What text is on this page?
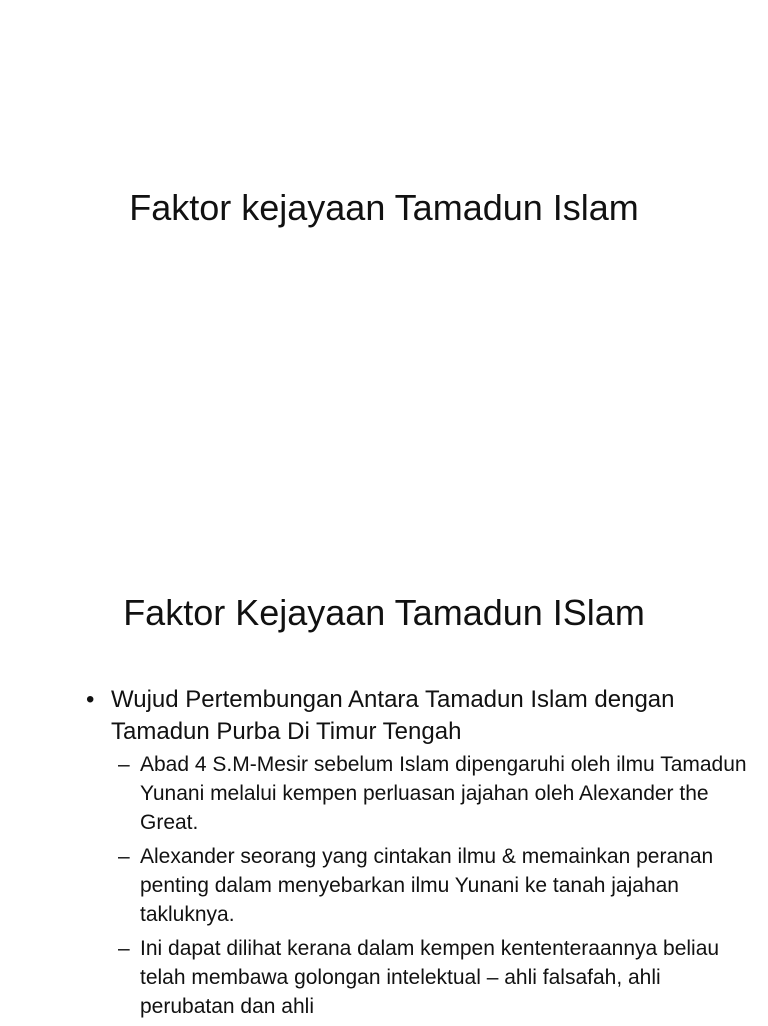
Faktor kejayaan Tamadun Islam
Faktor Kejayaan Tamadun ISlam
• Wujud Pertembungan Antara Tamadun Islam dengan Tamadun Purba Di Timur Tengah
– Abad 4 S.M-Mesir sebelum Islam dipengaruhi oleh ilmu Tamadun Yunani melalui kempen perluasan jajahan oleh Alexander the Great.
– Alexander seorang yang cintakan ilmu & memainkan peranan penting dalam menyebarkan ilmu Yunani ke tanah jajahan takluknya.
– Ini dapat dilihat kerana dalam kempen kententeraannya beliau telah membawa golongan intelektual – ahli falsafah, ahli perubatan dan ahli
